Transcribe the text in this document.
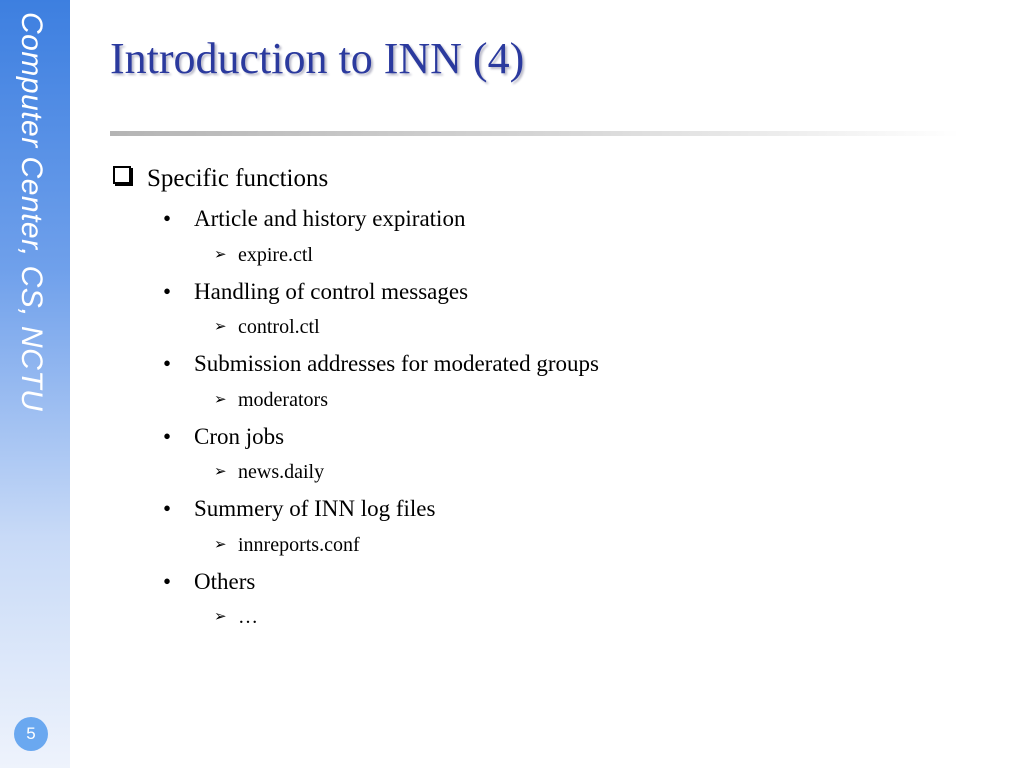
Computer Center, CS, NCTU
5
Introduction to INN (4)
Specific functions
• Article and history expiration
➢ expire.ctl
• Handling of control messages
➢ control.ctl
• Submission addresses for moderated groups
➢ moderators
• Cron jobs
➢ news.daily
• Summery of INN log files
➢ innreports.conf
• Others
➢ …
